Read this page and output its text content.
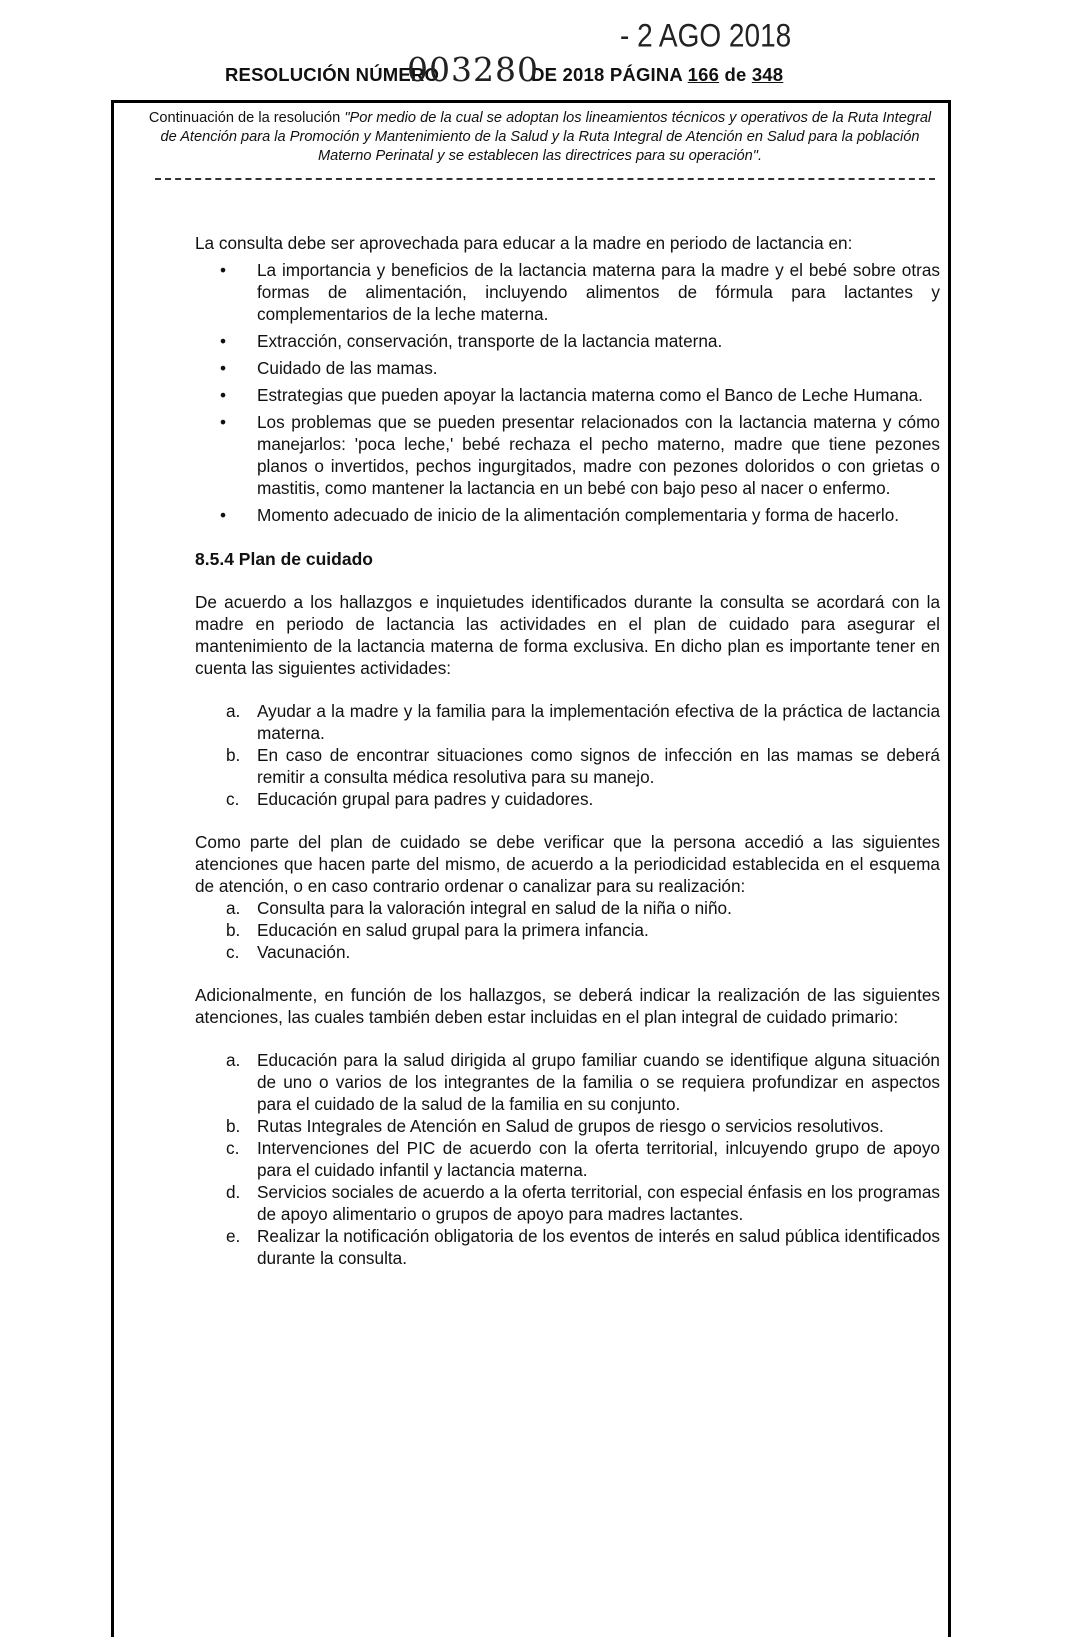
RESOLUCIÓN NÚMERO	DE 2018 PÁGINA 166 de 348
003280
- 2 AGO 2018
Continuación de la resolución "Por medio de la cual se adoptan los lineamientos técnicos y operativos de la Ruta Integral de Atención para la Promoción y Mantenimiento de la Salud y la Ruta Integral de Atención en Salud para la población Materno Perinatal y se establecen las directrices para su operación".

La consulta debe ser aprovechada para educar a la madre en periodo de lactancia en:

• La importancia y beneficios de la lactancia materna para la madre y el bebé sobre otras formas de alimentación, incluyendo alimentos de fórmula para lactantes y complementarios de la leche materna.
• Extracción, conservación, transporte de la lactancia materna.
• Cuidado de las mamas.
• Estrategias que pueden apoyar la lactancia materna como el Banco de Leche Humana.
• Los problemas que se pueden presentar relacionados con la lactancia materna y cómo manejarlos: 'poca leche,' bebé rechaza el pecho materno, madre que tiene pezones planos o invertidos, pechos ingurgitados, madre con pezones doloridos o con grietas o mastitis, como mantener la lactancia en un bebé con bajo peso al nacer o enfermo.
• Momento adecuado de inicio de la alimentación complementaria y forma de hacerlo.

8.5.4 Plan de cuidado

De acuerdo a los hallazgos e inquietudes identificados durante la consulta se acordará con la madre en periodo de lactancia las actividades en el plan de cuidado para asegurar el mantenimiento de la lactancia materna de forma exclusiva. En dicho plan es importante tener en cuenta las siguientes actividades:

a. Ayudar a la madre y la familia para la implementación efectiva de la práctica de lactancia materna.
b. En caso de encontrar situaciones como signos de infección en las mamas se deberá remitir a consulta médica resolutiva para su manejo.
c. Educación grupal para padres y cuidadores.

Como parte del plan de cuidado se debe verificar que la persona accedió a las siguientes atenciones que hacen parte del mismo, de acuerdo a la periodicidad establecida en el esquema de atención, o en caso contrario ordenar o canalizar para su realización:

a. Consulta para la valoración integral en salud de la niña o niño.
b. Educación en salud grupal para la primera infancia.
c. Vacunación.

Adicionalmente, en función de los hallazgos, se deberá indicar la realización de las siguientes atenciones, las cuales también deben estar incluidas en el plan integral de cuidado primario:

a. Educación para la salud dirigida al grupo familiar cuando se identifique alguna situación de uno o varios de los integrantes de la familia o se requiera profundizar en aspectos para el cuidado de la salud de la familia en su conjunto.
b. Rutas Integrales de Atención en Salud de grupos de riesgo o servicios resolutivos.
c. Intervenciones del PIC de acuerdo con la oferta territorial, inlcuyendo grupo de apoyo para el cuidado infantil y lactancia materna.
d. Servicios sociales de acuerdo a la oferta territorial, con especial énfasis en los programas de apoyo alimentario o grupos de apoyo para madres lactantes.
e. Realizar la notificación obligatoria de los eventos de interés en salud pública identificados durante la consulta.
